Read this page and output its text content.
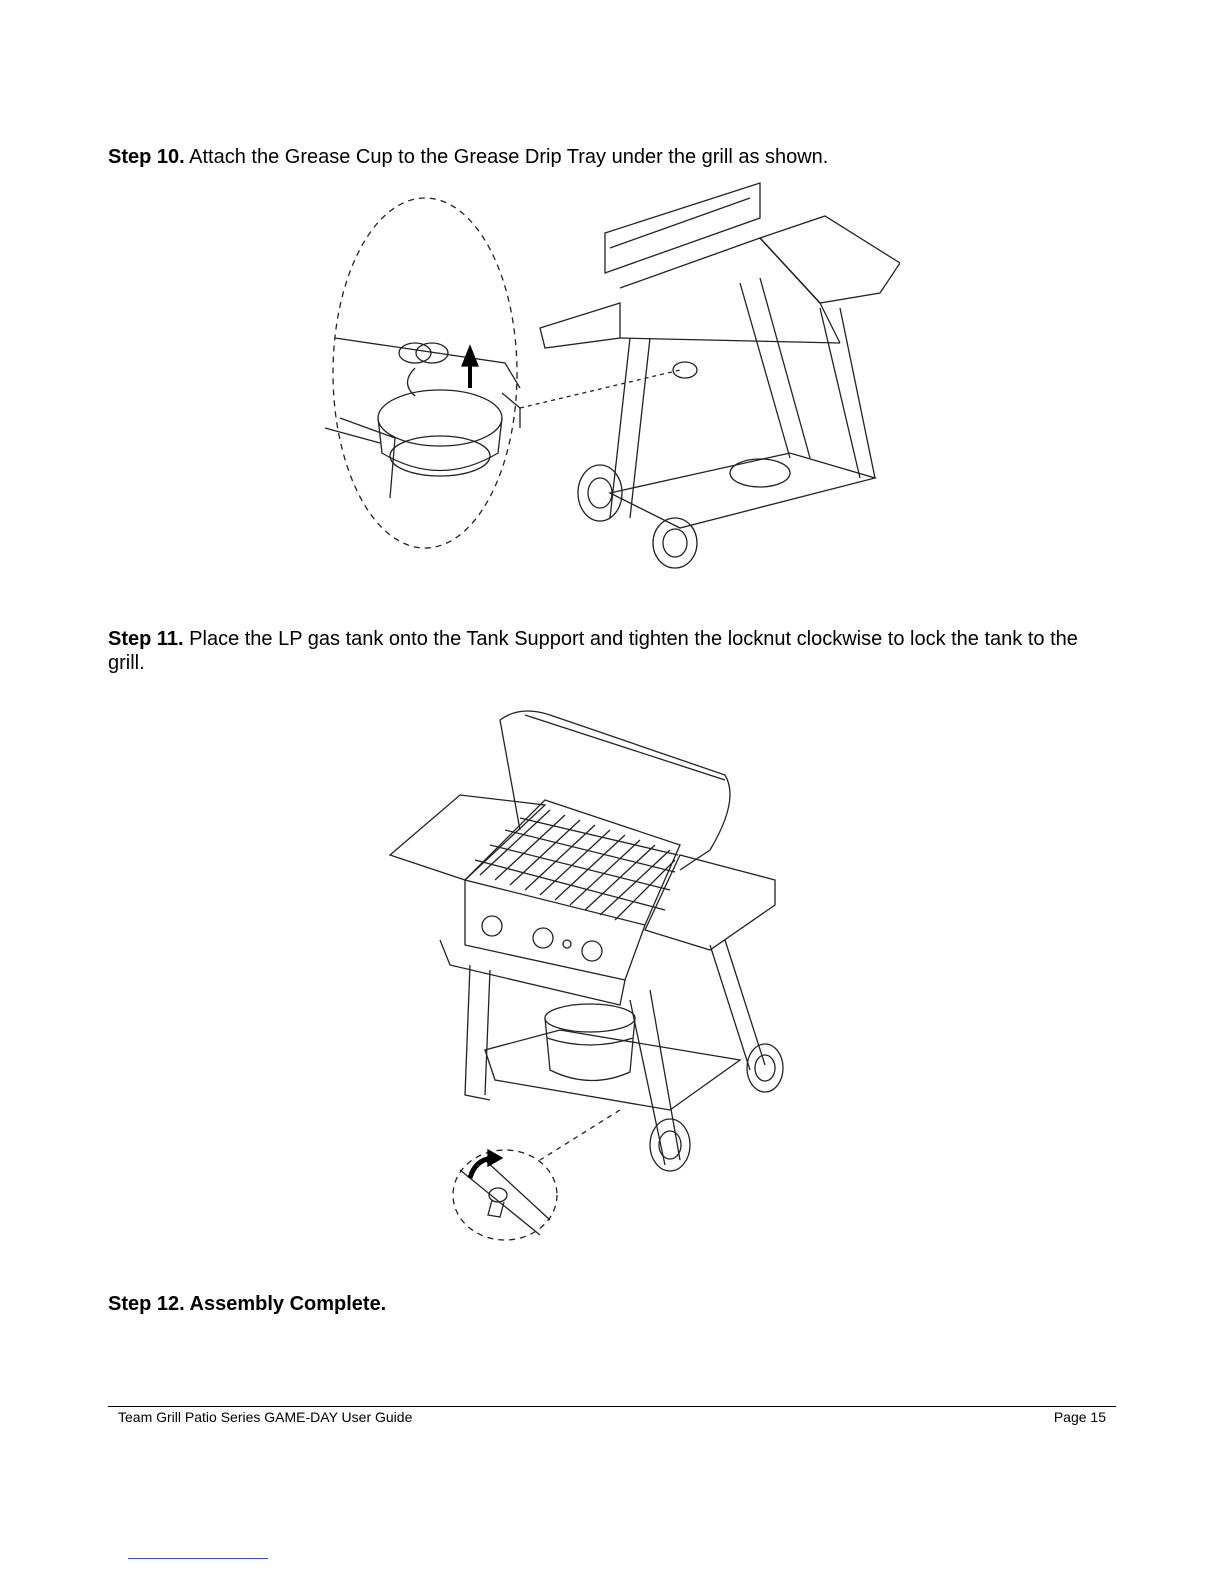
Step 10. Attach the Grease Cup to the Grease Drip Tray under the grill as shown.
Step 11. Place the LP gas tank onto the Tank Support and tighten the locknut clockwise to lock the tank to the grill.
Step 12. Assembly Complete.
Team Grill Patio Series GAME-DAY User Guide	Page 15
